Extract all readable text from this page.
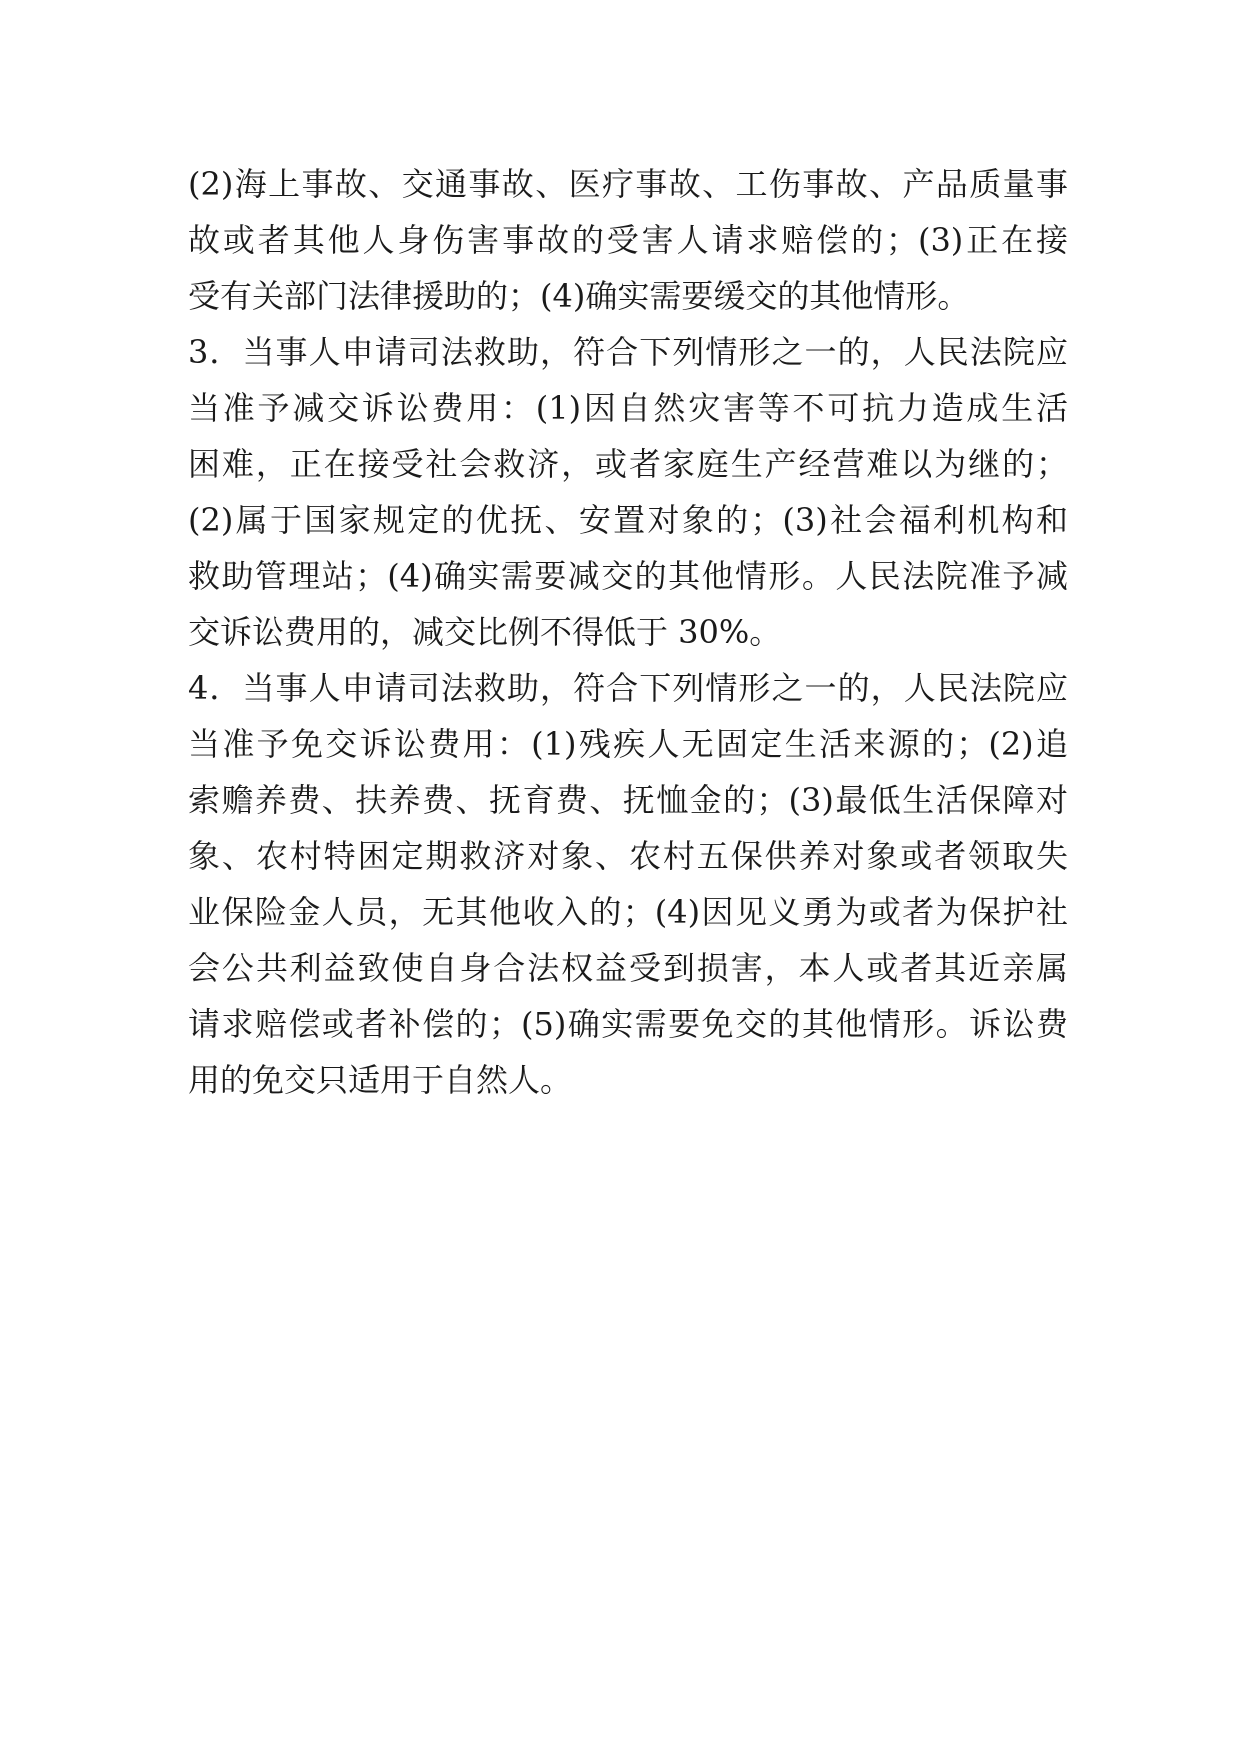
(2)海上事故、交通事故、医疗事故、工伤事故、产品质量事
故或者其他人身伤害事故的受害人请求赔偿的；(3)正在接
受有关部门法律援助的；(4)确实需要缓交的其他情形。
3．当事人申请司法救助，符合下列情形之一的，人民法院应
当准予减交诉讼费用：(1)因自然灾害等不可抗力造成生活
困难，正在接受社会救济，或者家庭生产经营难以为继的；
(2)属于国家规定的优抚、安置对象的；(3)社会福利机构和
救助管理站；(4)确实需要减交的其他情形。人民法院准予减
交诉讼费用的，减交比例不得低于 30%。
4．当事人申请司法救助，符合下列情形之一的，人民法院应
当准予免交诉讼费用：(1)残疾人无固定生活来源的；(2)追
索赡养费、扶养费、抚育费、抚恤金的；(3)最低生活保障对
象、农村特困定期救济对象、农村五保供养对象或者领取失
业保险金人员，无其他收入的；(4)因见义勇为或者为保护社
会公共利益致使自身合法权益受到损害，本人或者其近亲属
请求赔偿或者补偿的；(5)确实需要免交的其他情形。诉讼费
用的免交只适用于自然人。
